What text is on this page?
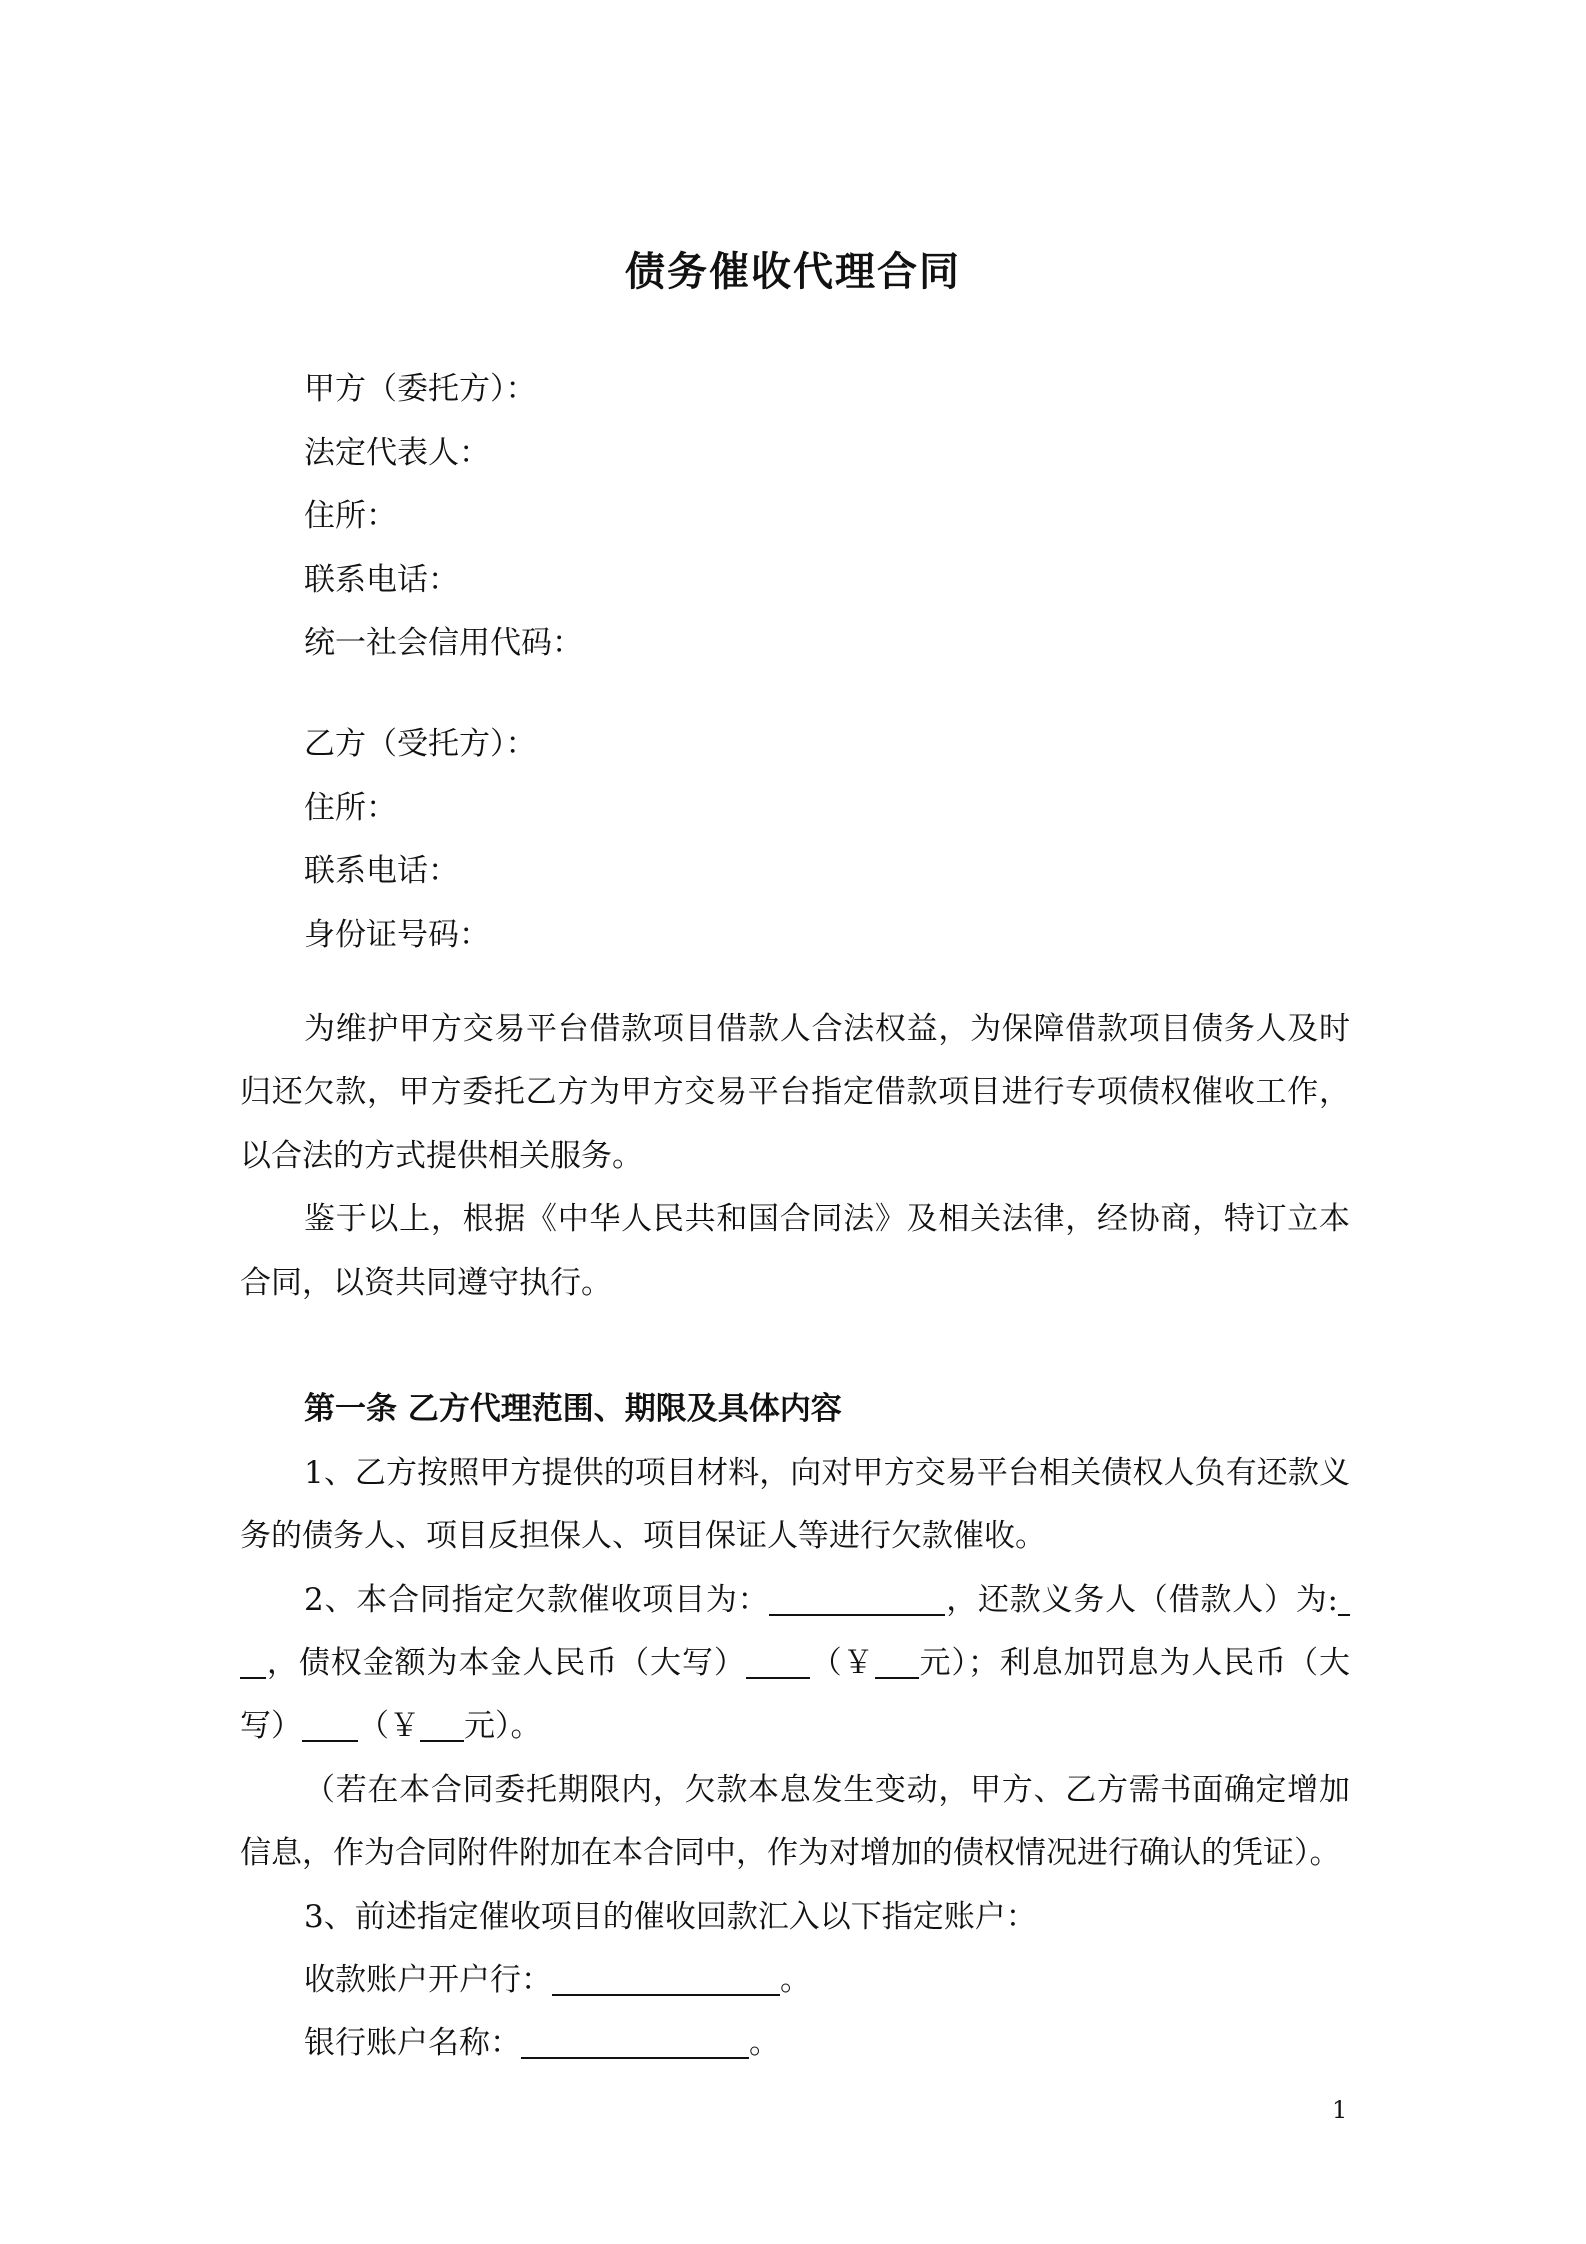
债务催收代理合同
甲方（委托方）：
法定代表人：
住所：
联系电话：
统一社会信用代码：
乙方（受托方）：
住所：
联系电话：
身份证号码：

为维护甲方交易平台借款项目借款人合法权益，为保障借款项目债务人及时归还欠款，甲方委托乙方为甲方交易平台指定借款项目进行专项债权催收工作，以合法的方式提供相关服务。

鉴于以上，根据《中华人民共和国合同法》及相关法律，经协商，特订立本合同，以资共同遵守执行。

第一条 乙方代理范围、期限及具体内容

1、乙方按照甲方提供的项目材料，向对甲方交易平台相关债权人负有还款义务的债务人、项目反担保人、项目保证人等进行欠款催收。

2、本合同指定欠款催收项目为：	，还款义务人（借款人）为:，债权金额为本金人民币（大写） （￥ 元）；利息加罚息为人民币（大写） （￥ 元）。

（若在本合同委托期限内，欠款本息发生变动，甲方、乙方需书面确定增加信息，作为合同附件附加在本合同中，作为对增加的债权情况进行确认的凭证）。

3、前述指定催收项目的催收回款汇入以下指定账户：

收款账户开户行：	。

银行账户名称：	。

1
